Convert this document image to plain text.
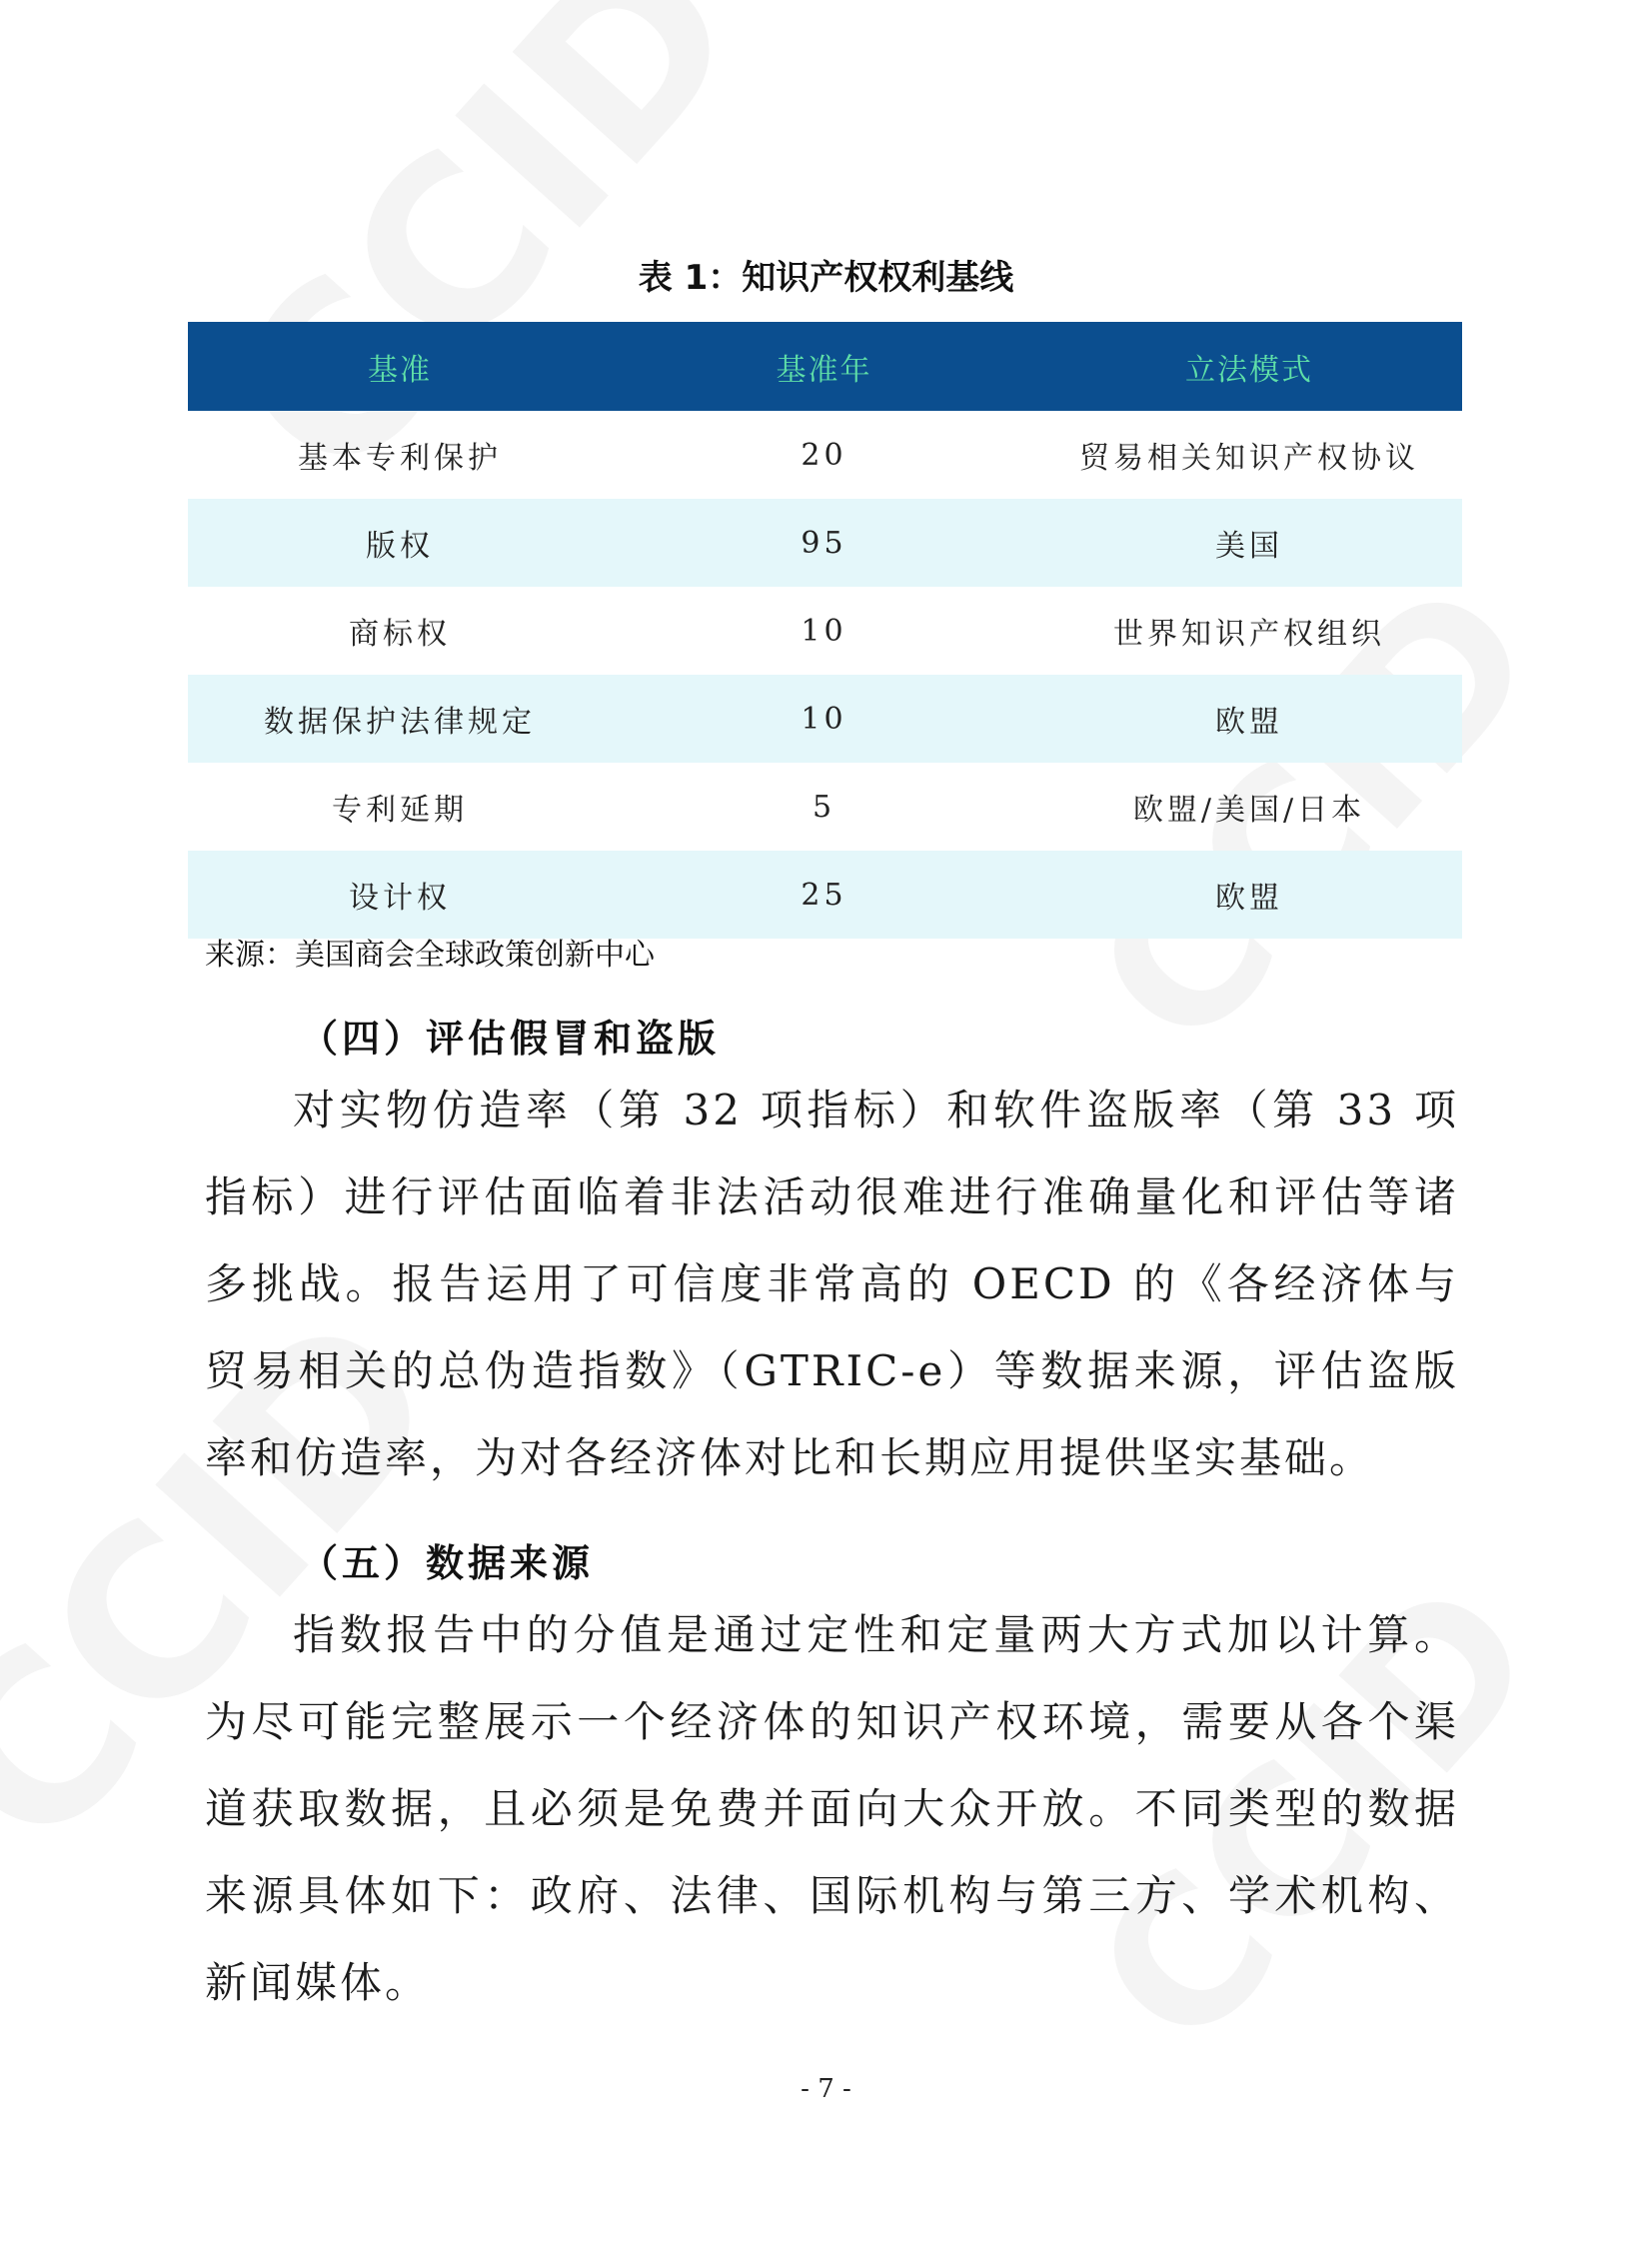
表 1：知识产权权利基线
基准	基准年	立法模式
基本专利保护	20	贸易相关知识产权协议
版权	95	美国
商标权	10	世界知识产权组织
数据保护法律规定	10	欧盟
专利延期	5	欧盟/美国/日本
设计权	25	欧盟
来源：美国商会全球政策创新中心
（四）评估假冒和盗版

对实物仿造率（第 32 项指标）和软件盗版率（第 33 项指标）进行评估面临着非法活动很难进行准确量化和评估等诸多挑战。报告运用了可信度非常高的 OECD 的《各经济体与贸易相关的总伪造指数》（GTRIC-e）等数据来源，评估盗版率和仿造率，为对各经济体对比和长期应用提供坚实基础。

（五）数据来源

指数报告中的分值是通过定性和定量两大方式加以计算。为尽可能完整展示一个经济体的知识产权环境，需要从各个渠道获取数据，且必须是免费并面向大众开放。不同类型的数据来源具体如下：政府、法律、国际机构与第三方、学术机构、新闻媒体。

- 7 -
